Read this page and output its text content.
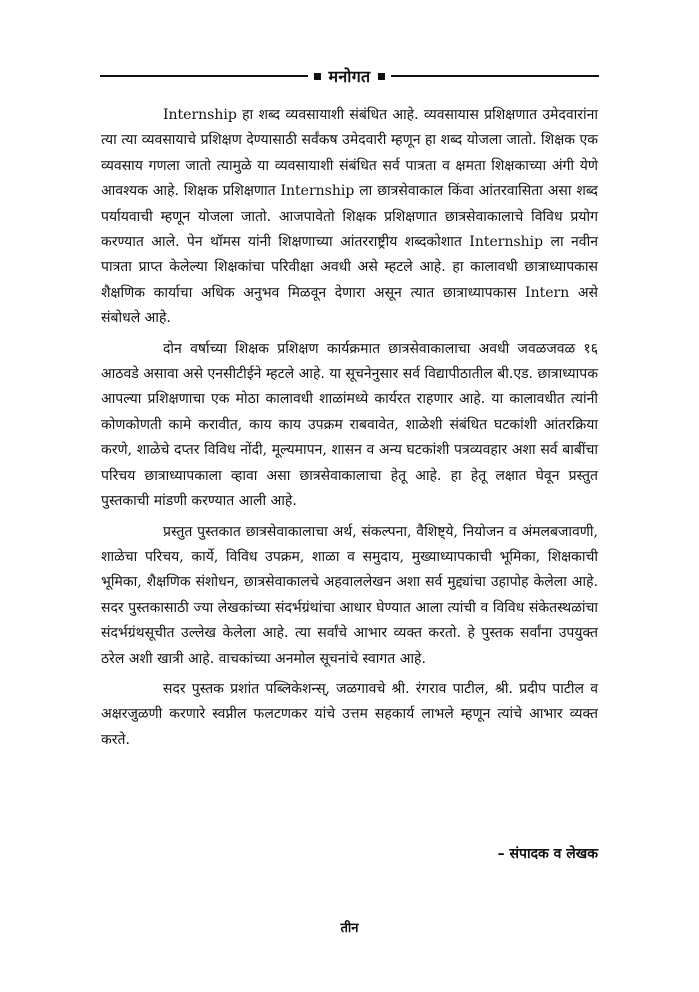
मनोगत

Internship हा शब्द व्यवसायाशी संबंधित आहे. व्यवसायास प्रशिक्षणात उमेदवारांना त्या त्या व्यवसायाचे प्रशिक्षण देण्यासाठी सर्वंकष उमेदवारी म्हणून हा शब्द योजला जातो. शिक्षक एक व्यवसाय गणला जातो त्यामुळे या व्यवसायाशी संबंधित सर्व पात्रता व क्षमता शिक्षकाच्या अंगी येणे आवश्यक आहे. शिक्षक प्रशिक्षणात Internship ला छात्रसेवाकाल किंवा आंतरवासिता असा शब्द पर्यायवाची म्हणून योजला जातो. आजपावेतो शिक्षक प्रशिक्षणात छात्रसेवाकालाचे विविध प्रयोग करण्यात आले. पेन थॉमस यांनी शिक्षणाच्या आंतरराष्ट्रीय शब्दकोशात Internship ला नवीन पात्रता प्राप्त केलेल्या शिक्षकांचा परिवीक्षा अवधी असे म्हटले आहे. हा कालावधी छात्राध्यापकास शैक्षणिक कार्याचा अधिक अनुभव मिळवून देणारा असून त्यात छात्राध्यापकास Intern असे संबोधले आहे.

दोन वर्षाच्या शिक्षक प्रशिक्षण कार्यक्रमात छात्रसेवाकालाचा अवधी जवळजवळ १६ आठवडे असावा असे एनसीटीईने म्हटले आहे. या सूचनेनुसार सर्व विद्यापीठातील बी.एड. छात्राध्यापक आपल्या प्रशिक्षणाचा एक मोठा कालावधी शाळांमध्ये कार्यरत राहणार आहे. या कालावधीत त्यांनी कोणकोणती कामे करावीत, काय काय उपक्रम राबवावेत, शाळेशी संबंधित घटकांशी आंतरक्रिया करणे, शाळेचे दप्तर विविध नोंदी, मूल्यमापन, शासन व अन्य घटकांशी पत्रव्यवहार अशा सर्व बाबींचा परिचय छात्राध्यापकाला व्हावा असा छात्रसेवाकालाचा हेतू आहे. हा हेतू लक्षात घेवून प्रस्तुत पुस्तकाची मांडणी करण्यात आली आहे.

प्रस्तुत पुस्तकात छात्रसेवाकालाचा अर्थ, संकल्पना, वैशिष्ट्ये, नियोजन व अंमलबजावणी, शाळेचा परिचय, कार्ये, विविध उपक्रम, शाळा व समुदाय, मुख्याध्यापकाची भूमिका, शिक्षकाची भूमिका, शैक्षणिक संशोधन, छात्रसेवाकालचे अहवाललेखन अशा सर्व मुद्द्यांचा उहापोह केलेला आहे. सदर पुस्तकासाठी ज्या लेखकांच्या संदर्भग्रंथांचा आधार घेण्यात आला त्यांची व विविध संकेतस्थळांचा संदर्भग्रंथसूचीत उल्लेख केलेला आहे. त्या सर्वांचे आभार व्यक्त करतो. हे पुस्तक सर्वांना उपयुक्त ठरेल अशी खात्री आहे. वाचकांच्या अनमोल सूचनांचे स्वागत आहे.

सदर पुस्तक प्रशांत पब्लिकेशन्स्, जळगावचे श्री. रंगराव पाटील, श्री. प्रदीप पाटील व अक्षरजुळणी करणारे स्वप्नील फलटणकर यांचे उत्तम सहकार्य लाभले म्हणून त्यांचे आभार व्यक्त करते.

– संपादक व लेखक
तीन
